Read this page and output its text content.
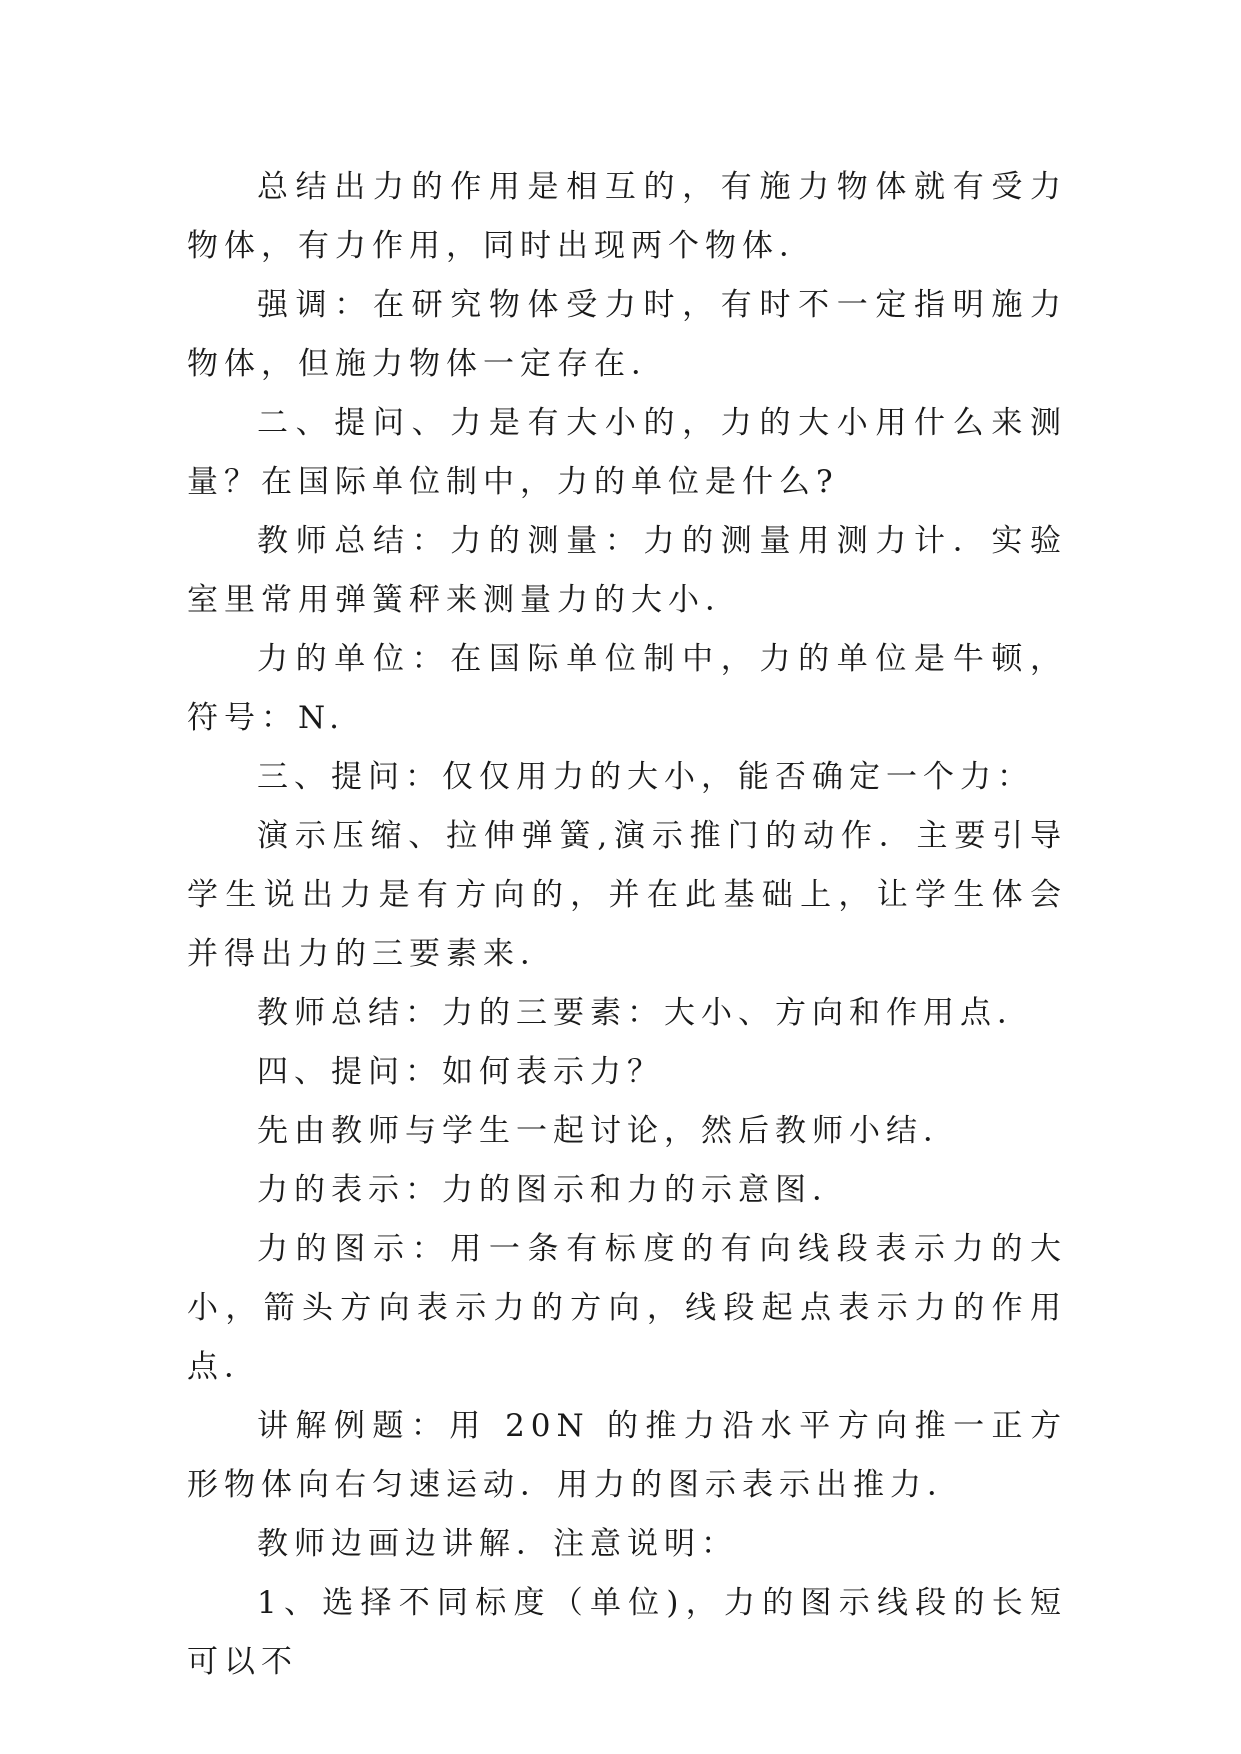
总结出力的作用是相互的，有施力物体就有受力物体，有力作用，同时出现两个物体．

强调：在研究物体受力时，有时不一定指明施力物体，但施力物体一定存在．

二、提问、力是有大小的，力的大小用什么来测量？在国际单位制中，力的单位是什么?

教师总结：力的测量：力的测量用测力计．实验室里常用弹簧秤来测量力的大小．

力的单位：在国际单位制中，力的单位是牛顿，符号：N.

三、提问：仅仅用力的大小，能否确定一个力：

演示压缩、拉伸弹簧,演示推门的动作．主要引导学生说出力是有方向的，并在此基础上，让学生体会并得出力的三要素来．

教师总结：力的三要素：大小、方向和作用点．

四、提问：如何表示力？

先由教师与学生一起讨论，然后教师小结．

力的表示：力的图示和力的示意图．

力的图示：用一条有标度的有向线段表示力的大小，箭头方向表示力的方向，线段起点表示力的作用点．

讲解例题：用 20N 的推力沿水平方向推一正方形物体向右匀速运动．用力的图示表示出推力．

教师边画边讲解．注意说明：

1、选择不同标度（单位)，力的图示线段的长短可以不
